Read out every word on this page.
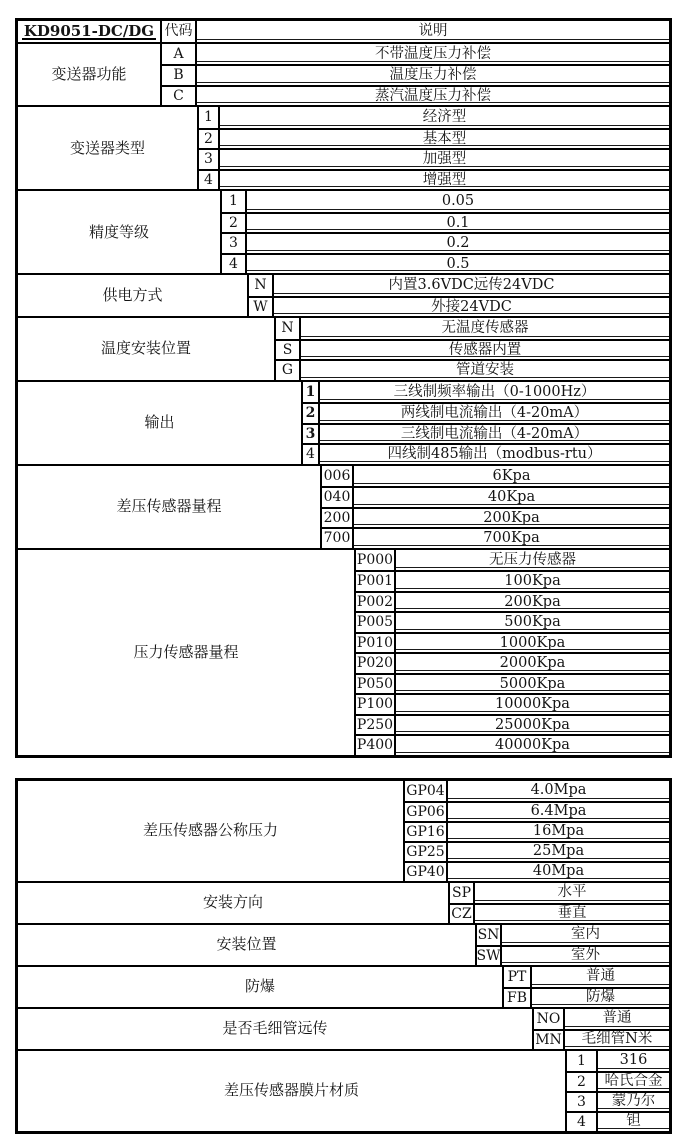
KD9051-DC/DG 代码	说明
变送器功能
A	不带温度压力补偿
B	温度压力补偿
C	蒸汽温度压力补偿
变送器类型
1	经济型
2	基本型
3	加强型
4	增强型
精度等级
1	0.05
2	0.1
3	0.2
4	0.5
供电方式
N	内置3.6VDC远传24VDC
W	外接24VDC
温度安装位置
N	无温度传感器
S	传感器内置
G	管道安装
输出
1	三线制频率输出（0-1000Hz）
2	两线制电流输出（4-20mA）
3	三线制电流输出（4-20mA）
4	四线制485输出（modbus-rtu）
差压传感器量程
006	6Kpa
040	40Kpa
200	200Kpa
700	700Kpa
压力传感器量程
P000	无压力传感器
P001	100Kpa
P002	200Kpa
P005	500Kpa
P010	1000Kpa
P020	2000Kpa
P050	5000Kpa
P100	10000Kpa
P250	25000Kpa
P400	40000Kpa
差压传感器公称压力
GP04	4.0Mpa
GP06	6.4Mpa
GP16	16Mpa
GP25	25Mpa
GP40	40Mpa
安装方向
SP	水平
CZ	垂直
安装位置
SN	室内
SW	室外
防爆
PT	普通
FB	防爆
是否毛细管远传
NO	普通
MN	毛细管N米
差压传感器膜片材质
1	316
2	哈氏合金
3	蒙乃尔
4	钽
